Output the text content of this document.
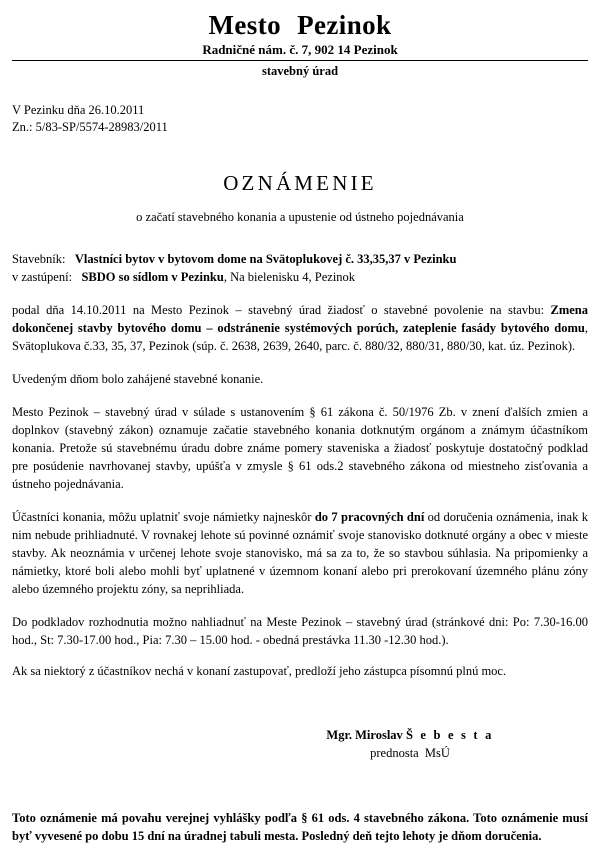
Mesto Pezinok
Radničné nám. č. 7, 902 14 Pezinok
stavebný úrad
V Pezinku dňa 26.10.2011
Zn.: 5/83-SP/5574-28983/2011
OZNÁMENIE
o začatí stavebného konania a upustenie od ústneho pojednávania
Stavebník: Vlastníci bytov v bytovom dome na Svätoplukovej č. 33,35,37 v Pezinku
v zastúpení: SBDO so sídlom v Pezinku, Na bielenisku 4, Pezinok

podal dňa 14.10.2011 na Mesto Pezinok – stavebný úrad žiadosť o stavebné povolenie na stavbu: Zmena dokončenej stavby bytového domu – odstránenie systémových porúch, zateplenie fasády bytového domu, Svätoplukova č.33, 35, 37, Pezinok (súp. č. 2638, 2639, 2640, parc. č. 880/32, 880/31, 880/30, kat. úz. Pezinok).

Uvedeným dňom bolo zahájené stavebné konanie.

Mesto Pezinok – stavebný úrad v súlade s ustanovením § 61 zákona č. 50/1976 Zb. v znení ďalších zmien a doplnkov (stavebný zákon) oznamuje začatie stavebného konania dotknutým orgánom a známym účastníkom konania. Pretože sú stavebnému úradu dobre známe pomery staveniska a žiadosť poskytuje dostatočný podklad pre posúdenie navrhovanej stavby, upúšťa v zmysle § 61 ods.2 stavebného zákona od miestneho zisťovania a ústneho pojednávania.

Účastníci konania, môžu uplatniť svoje námietky najneskôr do 7 pracovných dní od doručenia oznámenia, inak k nim nebude prihliadnuté. V rovnakej lehote sú povinné oznámiť svoje stanovisko dotknuté orgány a obec v mieste stavby. Ak neoznámia v určenej lehote svoje stanovisko, má sa za to, že so stavbou súhlasia. Na pripomienky a námietky, ktoré boli alebo mohli byť uplatnené v územnom konaní alebo pri prerokovaní územného plánu zóny alebo územného projektu zóny, sa neprihliada.

Do podkladov rozhodnutia možno nahliadnuť na Meste Pezinok – stavebný úrad (stránkové dni: Po: 7.30-16.00 hod., St: 7.30-17.00 hod., Pia: 7.30 – 15.00 hod. - obedná prestávka 11.30 -12.30 hod.).

Ak sa niektorý z účastníkov nechá v konaní zastupovať, predloží jeho zástupca písomnú plnú moc.

Mgr. Miroslav Š e b e s t a
prednosta MsÚ

Toto oznámenie má povahu verejnej vyhlášky podľa § 61 ods. 4 stavebného zákona. Toto oznámenie musí byť vyvesené po dobu 15 dní na úradnej tabuli mesta. Posledný deň tejto lehoty je dňom doručenia.
